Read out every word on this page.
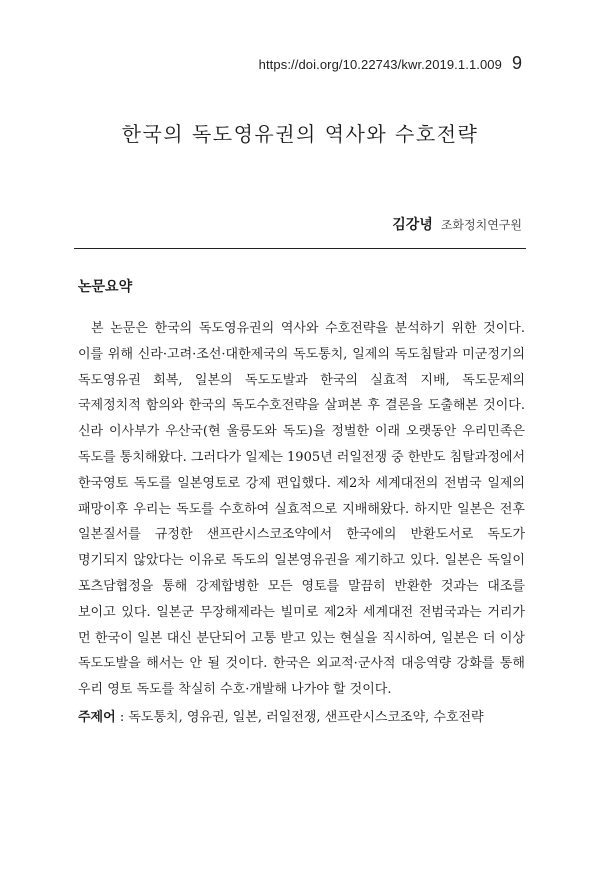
https://doi.org/10.22743/kwr.2019.1.1.009 9
한국의 독도영유권의 역사와 수호전략
김강녕 조화정치연구원
논문요약

본 논문은 한국의 독도영유권의 역사와 수호전략을 분석하기 위한 것이다. 이를 위해 신라·고려·조선·대한제국의 독도통치, 일제의 독도침탈과 미군정기의 독도영유권 회복, 일본의 독도도발과 한국의 실효적 지배, 독도문제의 국제정치적 함의와 한국의 독도수호전략을 살펴본 후 결론을 도출해본 것이다. 신라 이사부가 우산국(현 울릉도와 독도)을 정벌한 이래 오랫동안 우리민족은 독도를 통치해왔다. 그러다가 일제는 1905년 러일전쟁 중 한반도 침탈과정에서 한국영토 독도를 일본영토로 강제 편입했다. 제2차 세계대전의 전범국 일제의 패망이후 우리는 독도를 수호하여 실효적으로 지배해왔다. 하지만 일본은 전후 일본질서를 규정한 샌프란시스코조약에서 한국에의 반환도서로 독도가 명기되지 않았다는 이유로 독도의 일본영유권을 제기하고 있다. 일본은 독일이 포츠담협정을 통해 강제합병한 모든 영토를 말끔히 반환한 것과는 대조를 보이고 있다. 일본군 무장해제라는 빌미로 제2차 세계대전 전범국과는 거리가 먼 한국이 일본 대신 분단되어 고통 받고 있는 현실을 직시하여, 일본은 더 이상 독도도발을 해서는 안 될 것이다. 한국은 외교적·군사적 대응역량 강화를 통해 우리 영토 독도를 착실히 수호·개발해 나가야 할 것이다.

주제어 : 독도통치, 영유권, 일본, 러일전쟁, 샌프란시스코조약, 수호전략
